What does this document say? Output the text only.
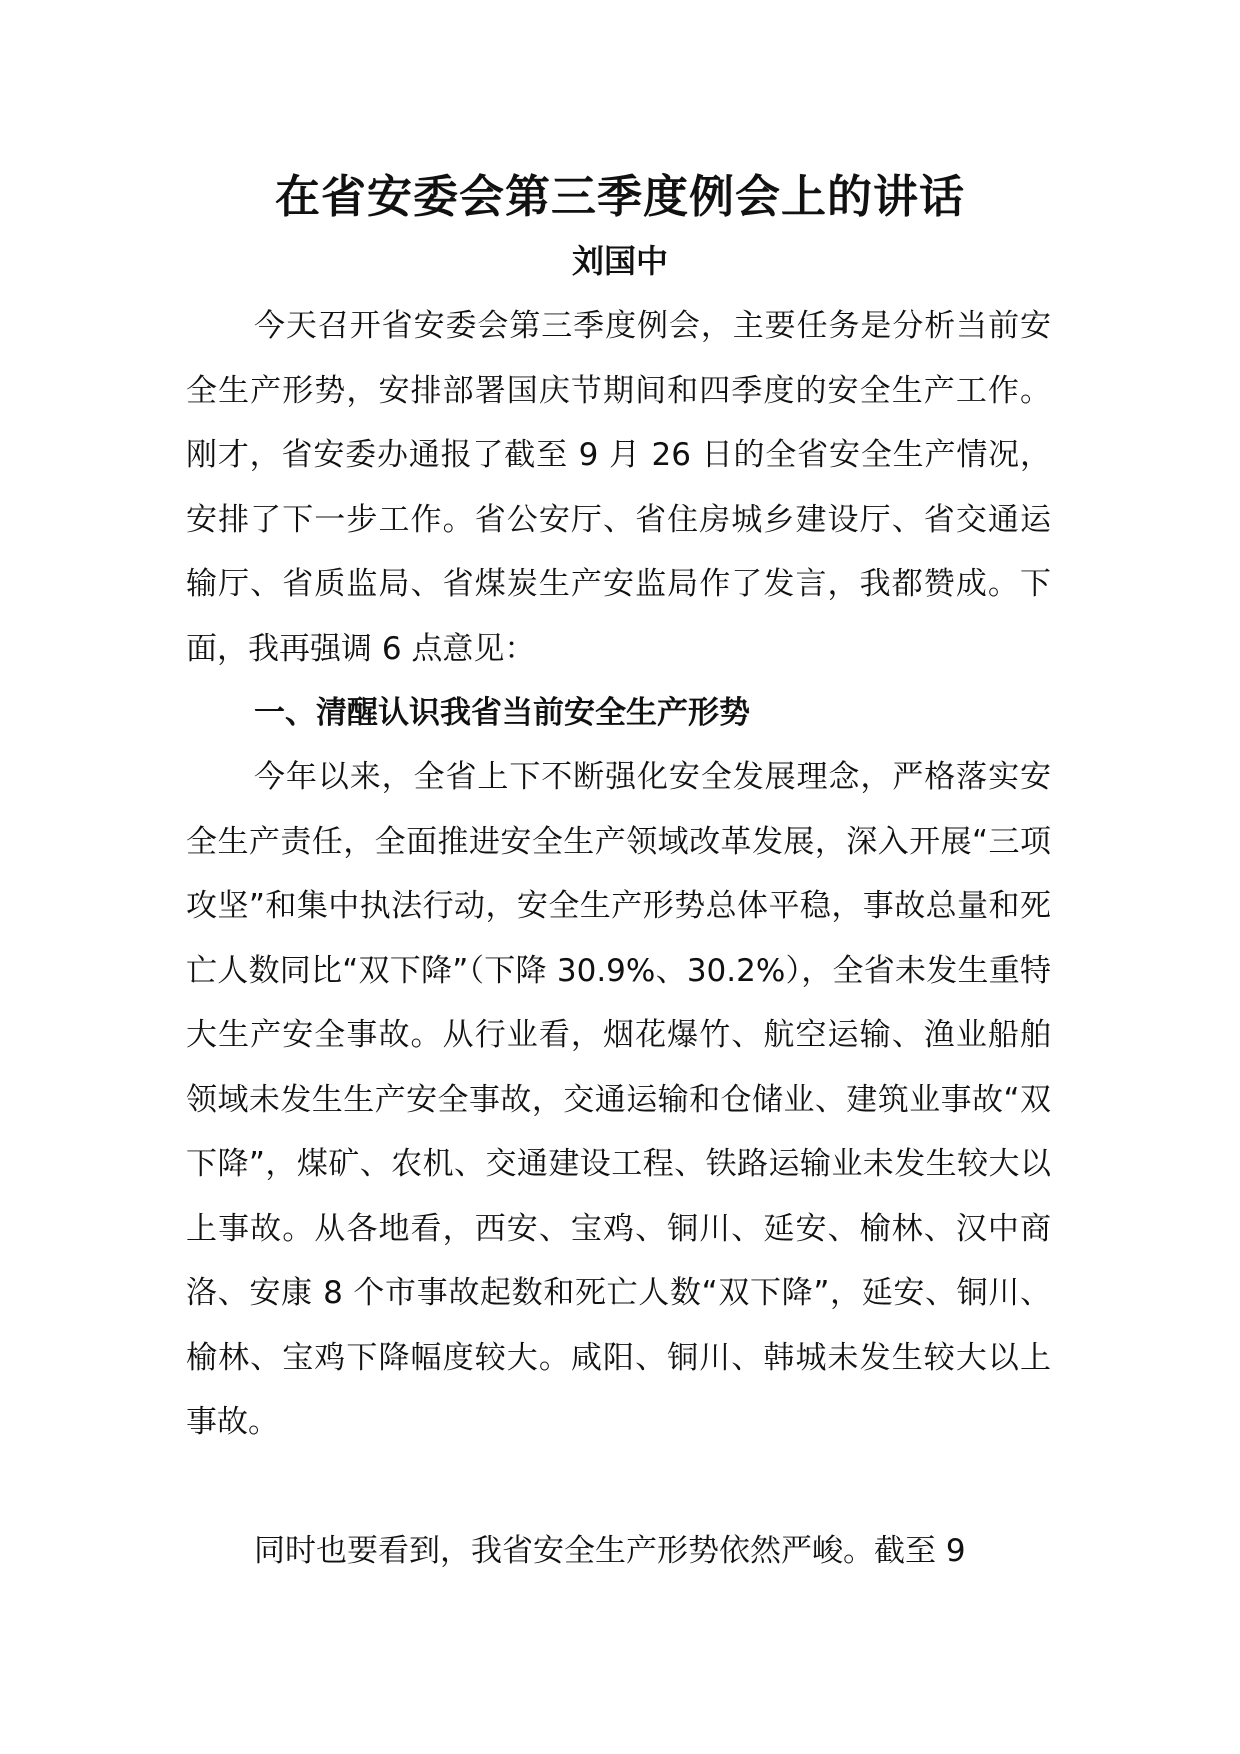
在省安委会第三季度例会上的讲话
刘国中

今天召开省安委会第三季度例会，主要任务是分析当前安全生产形势，安排部署国庆节期间和四季度的安全生产工作。刚才，省安委办通报了截至 9 月 26 日的全省安全生产情况，安排了下一步工作。省公安厅、省住房城乡建设厅、省交通运输厅、省质监局、省煤炭生产安监局作了发言，我都赞成。下面，我再强调 6 点意见：

一、清醒认识我省当前安全生产形势

今年以来，全省上下不断强化安全发展理念，严格落实安全生产责任，全面推进安全生产领域改革发展，深入开展“三项攻坚”和集中执法行动，安全生产形势总体平稳，事故总量和死亡人数同比“双下降”（下降 30.9%、30.2%），全省未发生重特大生产安全事故。从行业看，烟花爆竹、航空运输、渔业船舶领域未发生生产安全事故，交通运输和仓储业、建筑业事故“双下降”，煤矿、农机、交通建设工程、铁路运输业未发生较大以上事故。从各地看，西安、宝鸡、铜川、延安、榆林、汉中商洛、安康 8 个市事故起数和死亡人数“双下降”，延安、铜川、榆林、宝鸡下降幅度较大。咸阳、铜川、韩城未发生较大以上事故。

同时也要看到，我省安全生产形势依然严峻。截至 9
